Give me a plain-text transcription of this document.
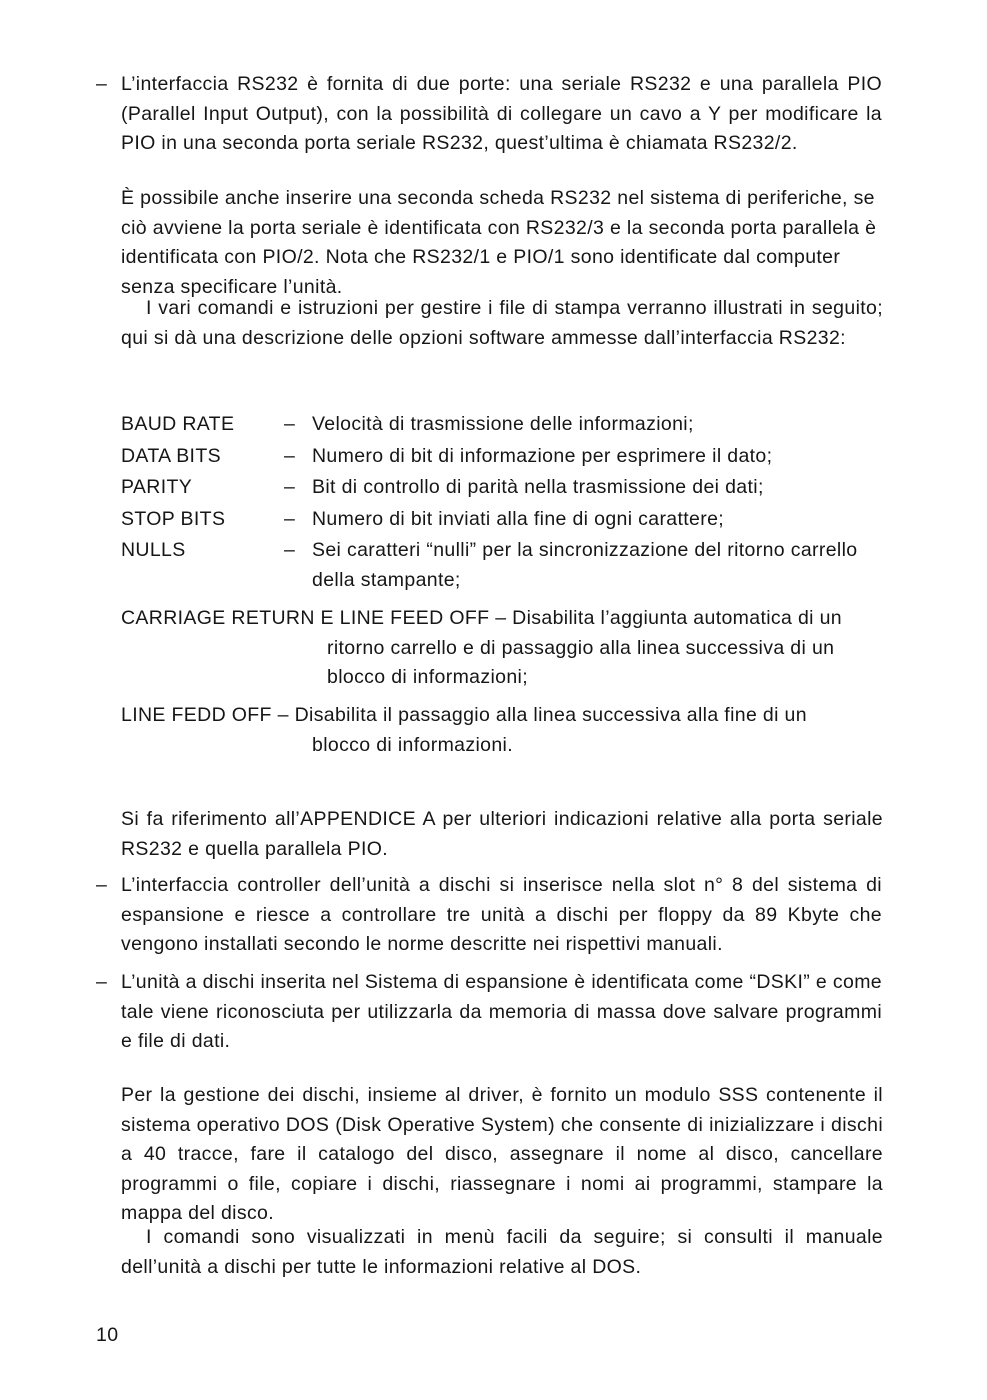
– L’interfaccia RS232 è fornita di due porte: una seriale RS232 e una parallela PIO (Parallel Input Output), con la possibilità di collegare un cavo a Y per modificare la PIO in una seconda porta seriale RS232, quest’ultima è chiamata RS232/2.
È possibile anche inserire una seconda scheda RS232 nel sistema di periferiche, se ciò avviene la porta seriale è identificata con RS232/3 e la seconda porta parallela è identificata con PIO/2. Nota che RS232/1 e PIO/1 sono identificate dal computer senza specificare l’unità.
I vari comandi e istruzioni per gestire i file di stampa verranno illustrati in seguito; qui si dà una descrizione delle opzioni software ammesse dall’interfaccia RS232:
BAUD RATE	– Velocità di trasmissione delle informazioni;
DATA BITS	– Numero di bit di informazione per esprimere il dato;
PARITY	– Bit di controllo di parità nella trasmissione dei dati;
STOP BITS	– Numero di bit inviati alla fine di ogni carattere;
NULLS	– Sei caratteri “nulli” per la sincronizzazione del ritorno carrello della stampante;
CARRIAGE RETURN E LINE FEED OFF – Disabilita l’aggiunta automatica di un
ritorno carrello e di passaggio alla linea successiva di un blocco di informazioni;
LINE FEDD OFF – Disabilita il passaggio alla linea successiva alla fine di un
blocco di informazioni.
Si fa riferimento all’APPENDICE A per ulteriori indicazioni relative alla porta seriale RS232 e quella parallela PIO.
– L’interfaccia controller dell’unità a dischi si inserisce nella slot n° 8 del sistema di espansione e riesce a controllare tre unità a dischi per floppy da 89 Kbyte che vengono installati secondo le norme descritte nei rispettivi manuali.
– L’unità a dischi inserita nel Sistema di espansione è identificata come “DSKI” e come tale viene riconosciuta per utilizzarla da memoria di massa dove salvare programmi e file di dati.
Per la gestione dei dischi, insieme al driver, è fornito un modulo SSS contenente il sistema operativo DOS (Disk Operative System) che consente di inizializzare i dischi a 40 tracce, fare il catalogo del disco, assegnare il nome al disco, cancellare programmi o file, copiare i dischi, riassegnare i nomi ai programmi, stampare la mappa del disco.
I comandi sono visualizzati in menù facili da seguire; si consulti il manuale dell’unità a dischi per tutte le informazioni relative al DOS.
10
